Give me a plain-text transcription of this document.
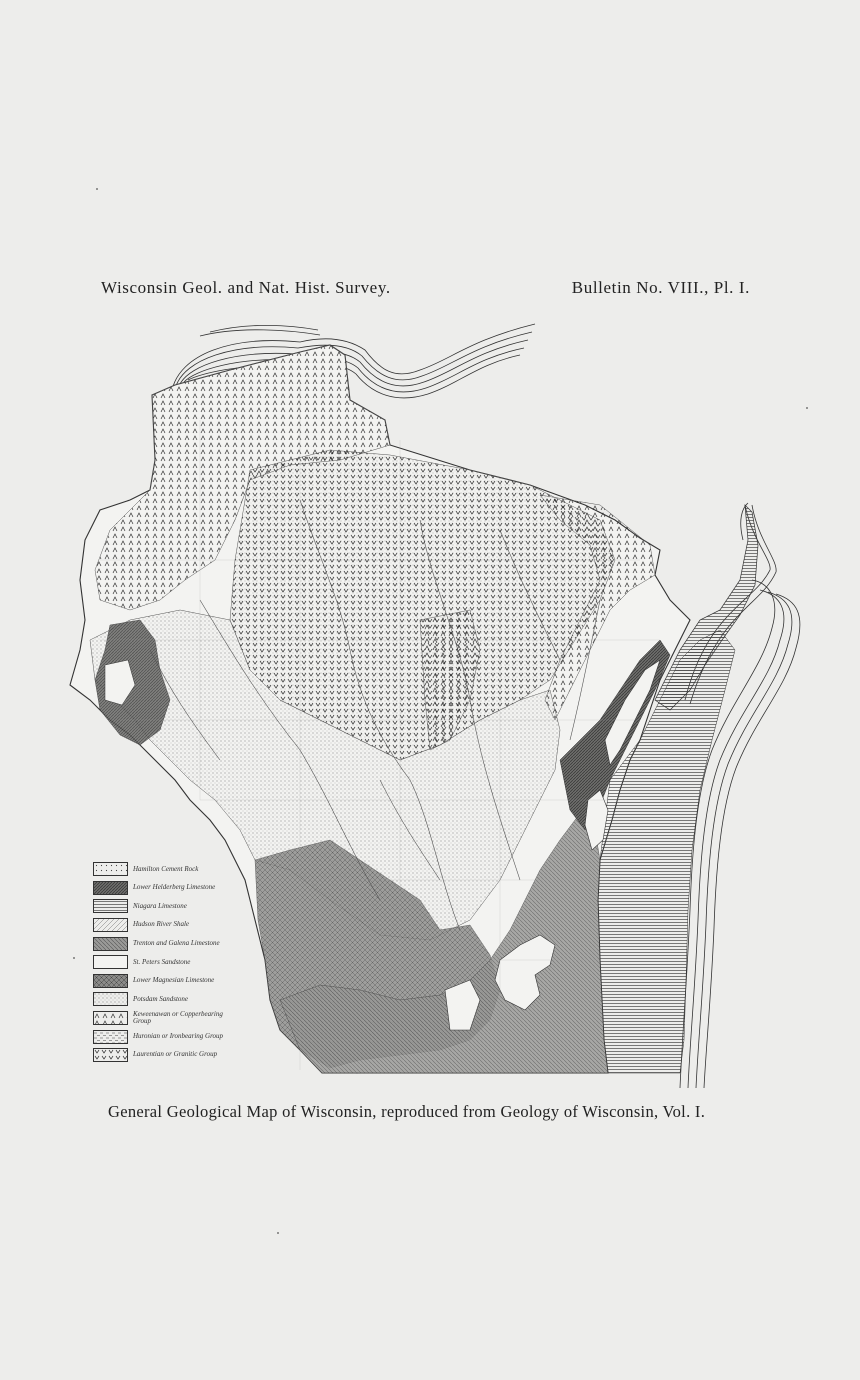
Wisconsin Geol. and Nat. Hist. Survey.	Bulletin No. VIII., Pl. I.
Hamilton Cement Rock
Lower Helderberg Limestone
Niagara Limestone
Hudson River Shale
Trenton and Galena Limestone
St. Peters Sandstone
Lower Magnesian Limestone
Potsdam Sandstone
Keweenawan or Copperbearing Group
Huronian or Ironbearing Group
Laurentian or Granitic Group
General Geological Map of Wisconsin, reproduced from Geology of Wisconsin, Vol. I.
